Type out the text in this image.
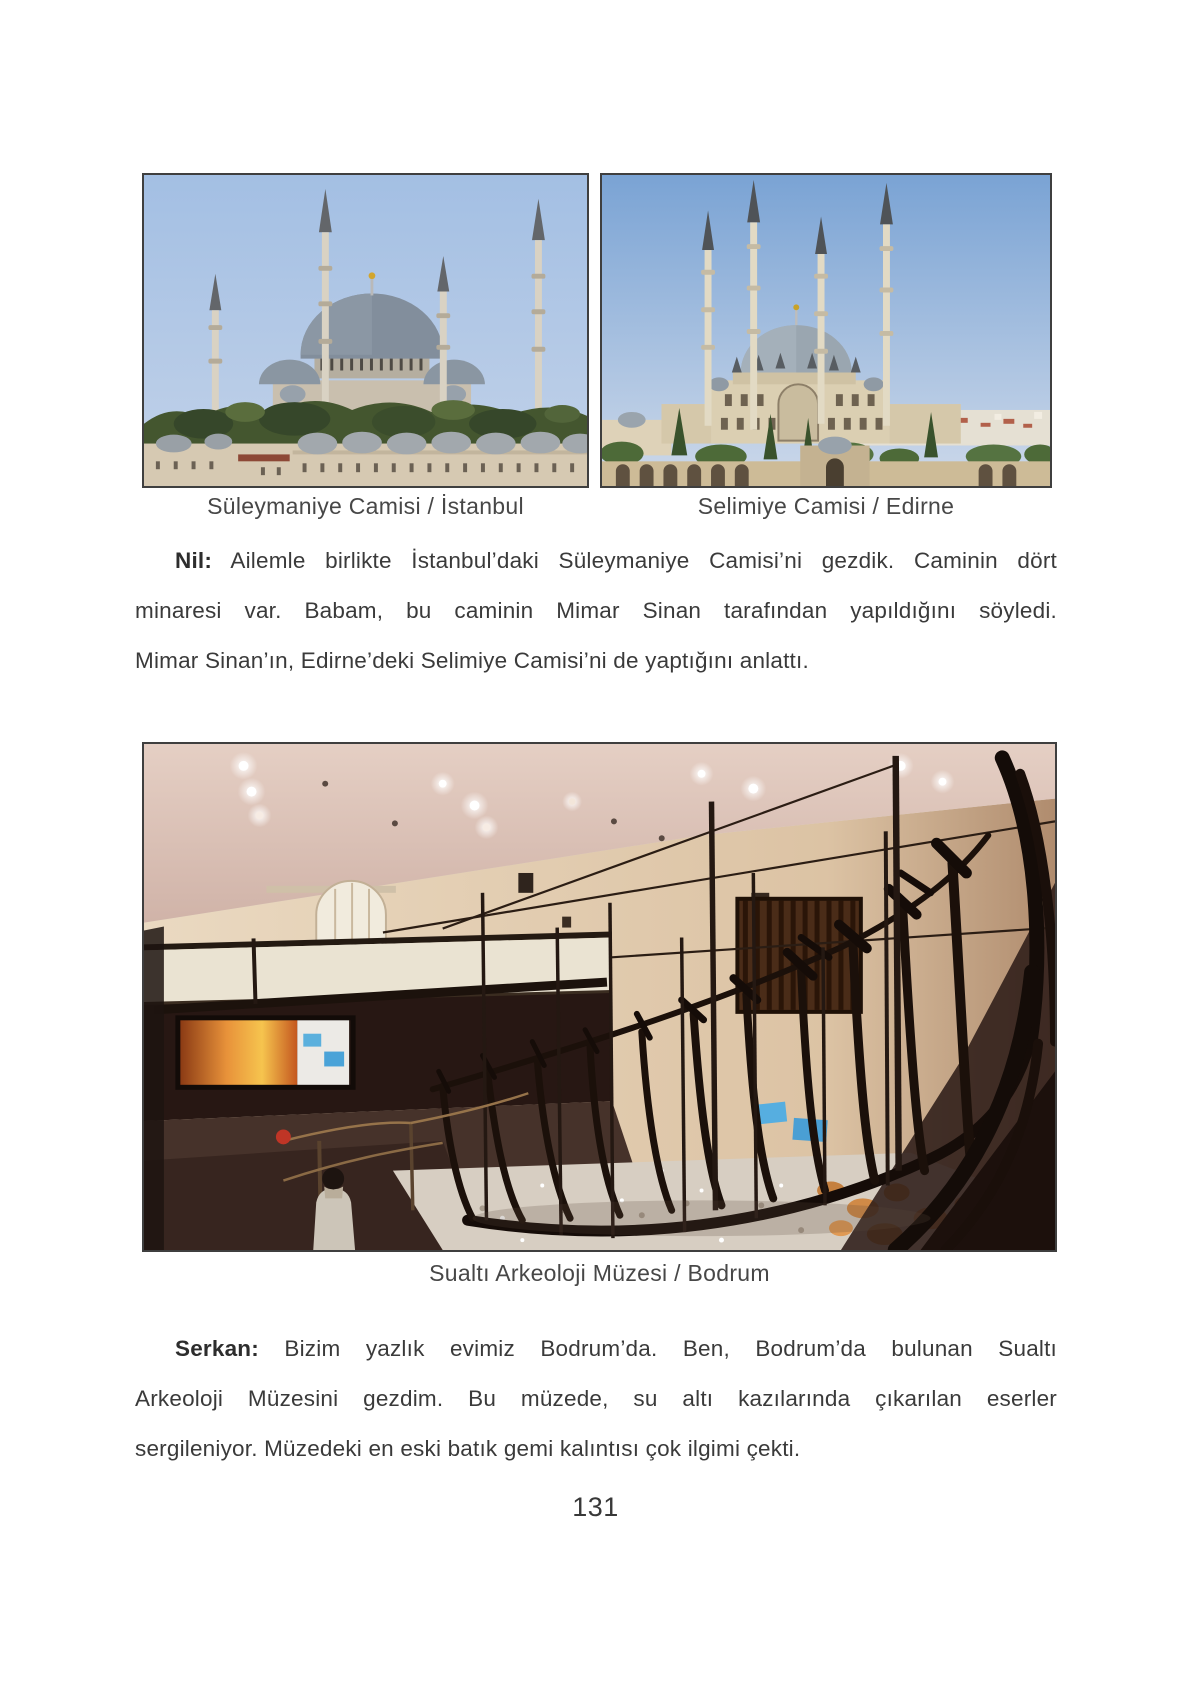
Süleymaniye Camisi / İstanbul	Selimiye Camisi / Edirne
Nil: Ailemle birlikte İstanbul’daki Süleymaniye Camisi’ni gezdik. Caminin dört
minaresi var. Babam, bu caminin Mimar Sinan tarafından yapıldığını söyledi.
Mimar Sinan’ın, Edirne’deki Selimiye Camisi’ni de yaptığını anlattı.
Sualtı Arkeoloji Müzesi / Bodrum
Serkan: Bizim yazlık evimiz Bodrum’da. Ben, Bodrum’da bulunan Sualtı
Arkeoloji Müzesini gezdim. Bu müzede, su altı kazılarında çıkarılan eserler
sergileniyor. Müzedeki en eski batık gemi kalıntısı çok ilgimi çekti.
131
